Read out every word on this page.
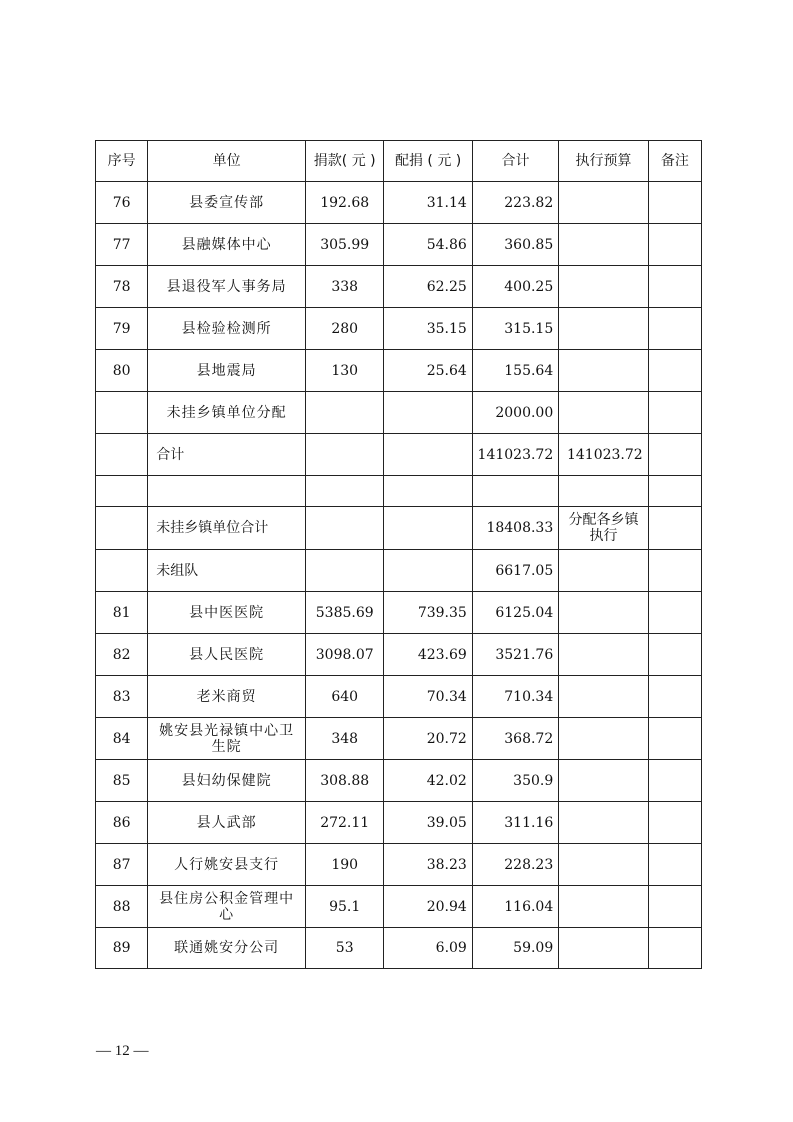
序号	单位	捐款( 元 )	配捐 ( 元 )	合计	执行预算	备注
76	县委宣传部	192.68	31.14	223.82		
77	县融媒体中心	305.99	54.86	360.85		
78	县退役军人事务局	338	62.25	400.25		
79	县检验检测所	280	35.15	315.15		
80	县地震局	130	25.64	155.64		
	未挂乡镇单位分配			2000.00		
	合计			141023.72	141023.72	

	未挂乡镇单位合计			18408.33	分配各乡镇执行	
	未组队			6617.05		
81	县中医医院	5385.69	739.35	6125.04		
82	县人民医院	3098.07	423.69	3521.76		
83	老米商贸	640	70.34	710.34		
84	姚安县光禄镇中心卫生院	348	20.72	368.72		
85	县妇幼保健院	308.88	42.02	350.9		
86	县人武部	272.11	39.05	311.16		
87	人行姚安县支行	190	38.23	228.23		
88	县住房公积金管理中心	95.1	20.94	116.04		
89	联通姚安分公司	53	6.09	59.09		
— 12 —
